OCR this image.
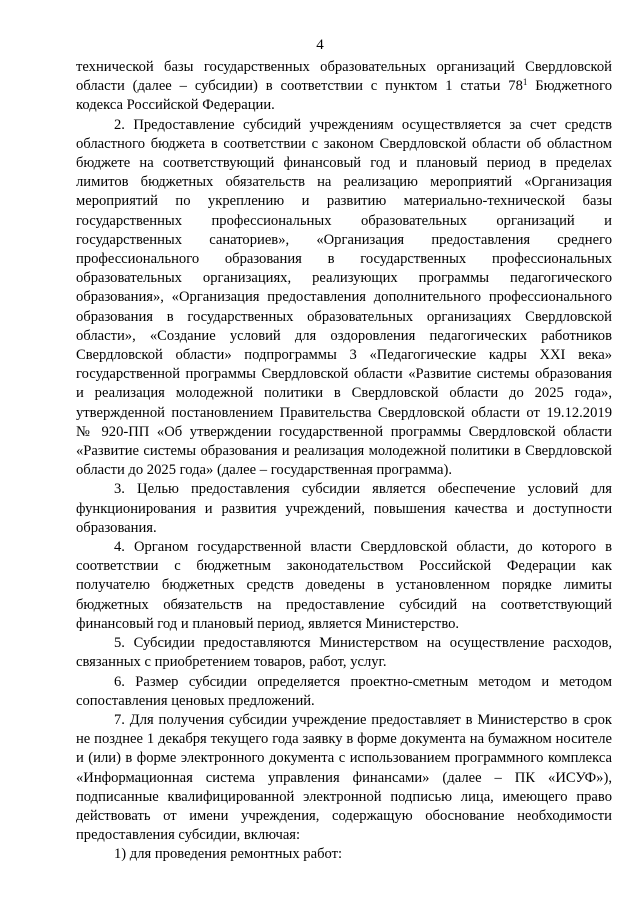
4

технической базы государственных образовательных организаций Свердловской области (далее – субсидии) в соответствии с пунктом 1 статьи $78^1$ Бюджетного кодекса Российской Федерации.

2. Предоставление субсидий учреждениям осуществляется за счет средств областного бюджета в соответствии с законом Свердловской области об областном бюджете на соответствующий финансовый год и плановый период в пределах лимитов бюджетных обязательств на реализацию мероприятий «Организация мероприятий по укреплению и развитию материально-технической базы государственных профессиональных образовательных организаций и государственных санаториев», «Организация предоставления среднего профессионального образования в государственных профессиональных образовательных организациях, реализующих программы педагогического образования», «Организация предоставления дополнительного профессионального образования в государственных образовательных организациях Свердловской области», «Создание условий для оздоровления педагогических работников Свердловской области» подпрограммы 3 «Педагогические кадры XXI века» государственной программы Свердловской области «Развитие системы образования и реализация молодежной политики в Свердловской области до 2025 года», утвержденной постановлением Правительства Свердловской области от 19.12.2019 № 920-ПП «Об утверждении государственной программы Свердловской области «Развитие системы образования и реализация молодежной политики в Свердловской области до 2025 года» (далее – государственная программа).

3. Целью предоставления субсидии является обеспечение условий для функционирования и развития учреждений, повышения качества и доступности образования.

4. Органом государственной власти Свердловской области, до которого в соответствии с бюджетным законодательством Российской Федерации как получателю бюджетных средств доведены в установленном порядке лимиты бюджетных обязательств на предоставление субсидий на соответствующий финансовый год и плановый период, является Министерство.

5. Субсидии предоставляются Министерством на осуществление расходов, связанных с приобретением товаров, работ, услуг.

6. Размер субсидии определяется проектно-сметным методом и методом сопоставления ценовых предложений.

7. Для получения субсидии учреждение предоставляет в Министерство в срок не позднее 1 декабря текущего года заявку в форме документа на бумажном носителе и (или) в форме электронного документа с использованием программного комплекса «Информационная система управления финансами» (далее – ПК «ИСУФ»), подписанные квалифицированной электронной подписью лица, имеющего право действовать от имени учреждения, содержащую обоснование необходимости предоставления субсидии, включая:

1) для проведения ремонтных работ:
